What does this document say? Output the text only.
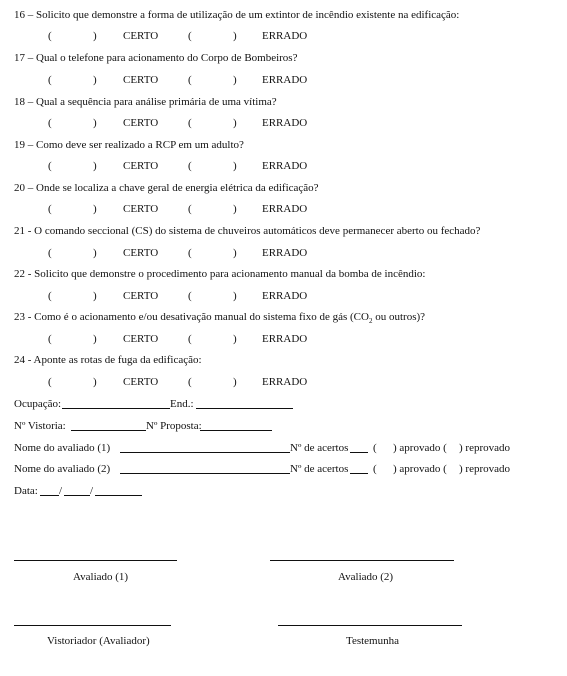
16 – Solicito que demonstre a forma de utilização de um extintor de incêndio existente na edificação:
(	) CERTO	(	) ERRADO
17 – Qual o telefone para acionamento do Corpo de Bombeiros?
(	) CERTO	(	) ERRADO
18 – Qual a sequência para análise primária de uma vítima?
(	) CERTO	(	) ERRADO
19 – Como deve ser realizado a RCP em um adulto?
(	) CERTO	(	) ERRADO
20 – Onde se localiza a chave geral de energia elétrica da edificação?
(	) CERTO	(	) ERRADO
21 - O comando seccional (CS) do sistema de chuveiros automáticos deve permanecer aberto ou fechado?
(	) CERTO	(	) ERRADO
22 - Solicito que demonstre o procedimento para acionamento manual da bomba de incêndio:
(	) CERTO	(	) ERRADO
23 - Como é o acionamento e/ou desativação manual do sistema fixo de gás ($CO_2$ ou outros)?
(	) CERTO	(	) ERRADO
24 - Aponte as rotas de fuga da edificação:
(	) CERTO	(	) ERRADO
Ocupação:	End.:
Nº Vistoria:	Nº Proposta:
Nome do avaliado (1)	Nº de acertos ( ) aprovado ( ) reprovado
Nome do avaliado (2)	Nº de acertos ( ) aprovado ( ) reprovado
Data: /	/
Avaliado (1)	Avaliado (2)
Vistoriador (Avaliador)	Testemunha
